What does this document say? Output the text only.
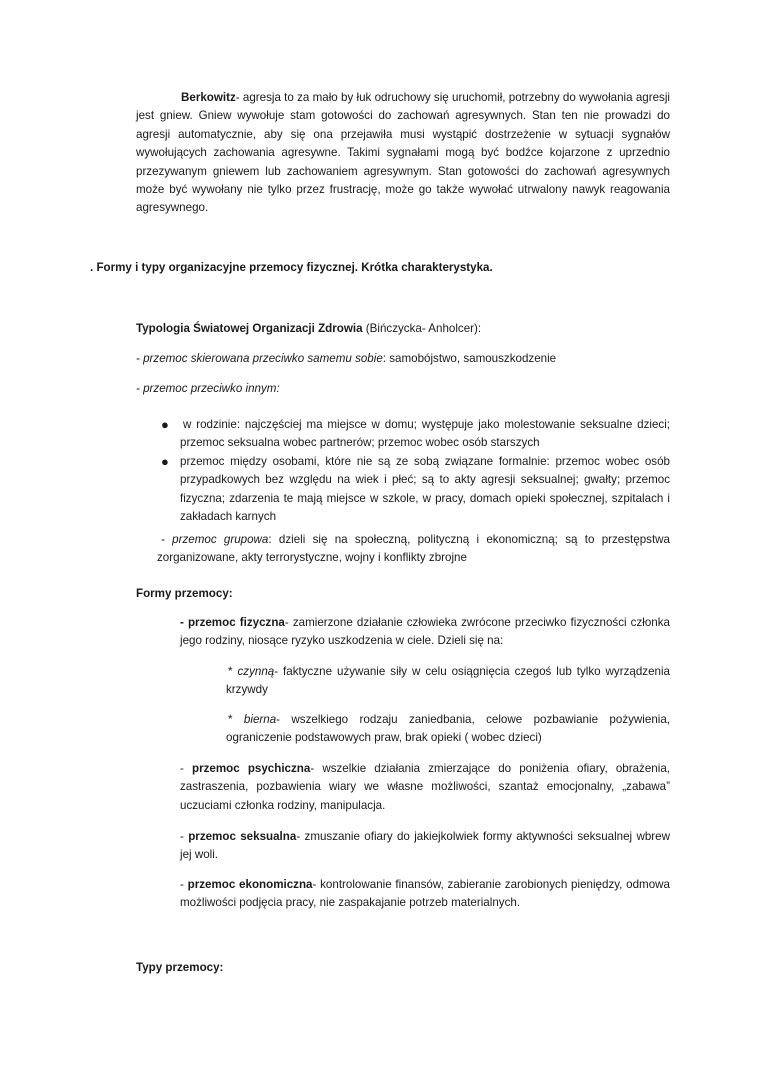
Berkowitz- agresja to za mało by łuk odruchowy się uruchomił, potrzebny do wywołania agresji jest gniew. Gniew wywołuje stam gotowości do zachowań agresywnych. Stan ten nie prowadzi do agresji automatycznie, aby się ona przejawiła musi wystąpić dostrzeżenie w sytuacji sygnałów wywołujących zachowania agresywne. Takimi sygnałami mogą być bodźce kojarzone z uprzednio przezywanym gniewem lub zachowaniem agresywnym. Stan gotowości do zachowań agresywnych może być wywołany nie tylko przez frustrację, może go także wywołać utrwalony nawyk reagowania agresywnego.

. Formy i typy organizacyjne przemocy fizycznej. Krótka charakterystyka.

Typologia Światowej Organizacji Zdrowia (Bińczycka- Anholcer):

- przemoc skierowana przeciwko samemu sobie: samobójstwo, samouszkodzenie

- przemoc przeciwko innym:

● w rodzinie: najczęściej ma miejsce w domu; występuje jako molestowanie seksualne dzieci; przemoc seksualna wobec partnerów; przemoc wobec osób starszych

● przemoc między osobami, które nie są ze sobą związane formalnie: przemoc wobec osób przypadkowych bez względu na wiek i płeć; są to akty agresji seksualnej; gwałty; przemoc fizyczna; zdarzenia te mają miejsce w szkole, w pracy, domach opieki społecznej, szpitalach i zakładach karnych

- przemoc grupowa: dzieli się na społeczną, polityczną i ekonomiczną; są to przestępstwa zorganizowane, akty terrorystyczne, wojny i konflikty zbrojne

Formy przemocy:

- przemoc fizyczna- zamierzone działanie człowieka zwrócone przeciwko fizyczności członka jego rodziny, niosące ryzyko uszkodzenia w ciele. Dzieli się na:

* czynną- faktyczne używanie siły w celu osiągnięcia czegoś lub tylko wyrządzenia krzywdy

* bierna- wszelkiego rodzaju zaniedbania, celowe pozbawianie pożywienia, ograniczenie podstawowych praw, brak opieki ( wobec dzieci)

- przemoc psychiczna- wszelkie działania zmierzające do poniżenia ofiary, obrażenia, zastraszenia, pozbawienia wiary we własne możliwości, szantaż emocjonalny, „zabawa” uczuciami członka rodziny, manipulacja.

- przemoc seksualna- zmuszanie ofiary do jakiejkolwiek formy aktywności seksualnej wbrew jej woli.

- przemoc ekonomiczna- kontrolowanie finansów, zabieranie zarobionych pieniędzy, odmowa możliwości podjęcia pracy, nie zaspakajanie potrzeb materialnych.

Typy przemocy:
